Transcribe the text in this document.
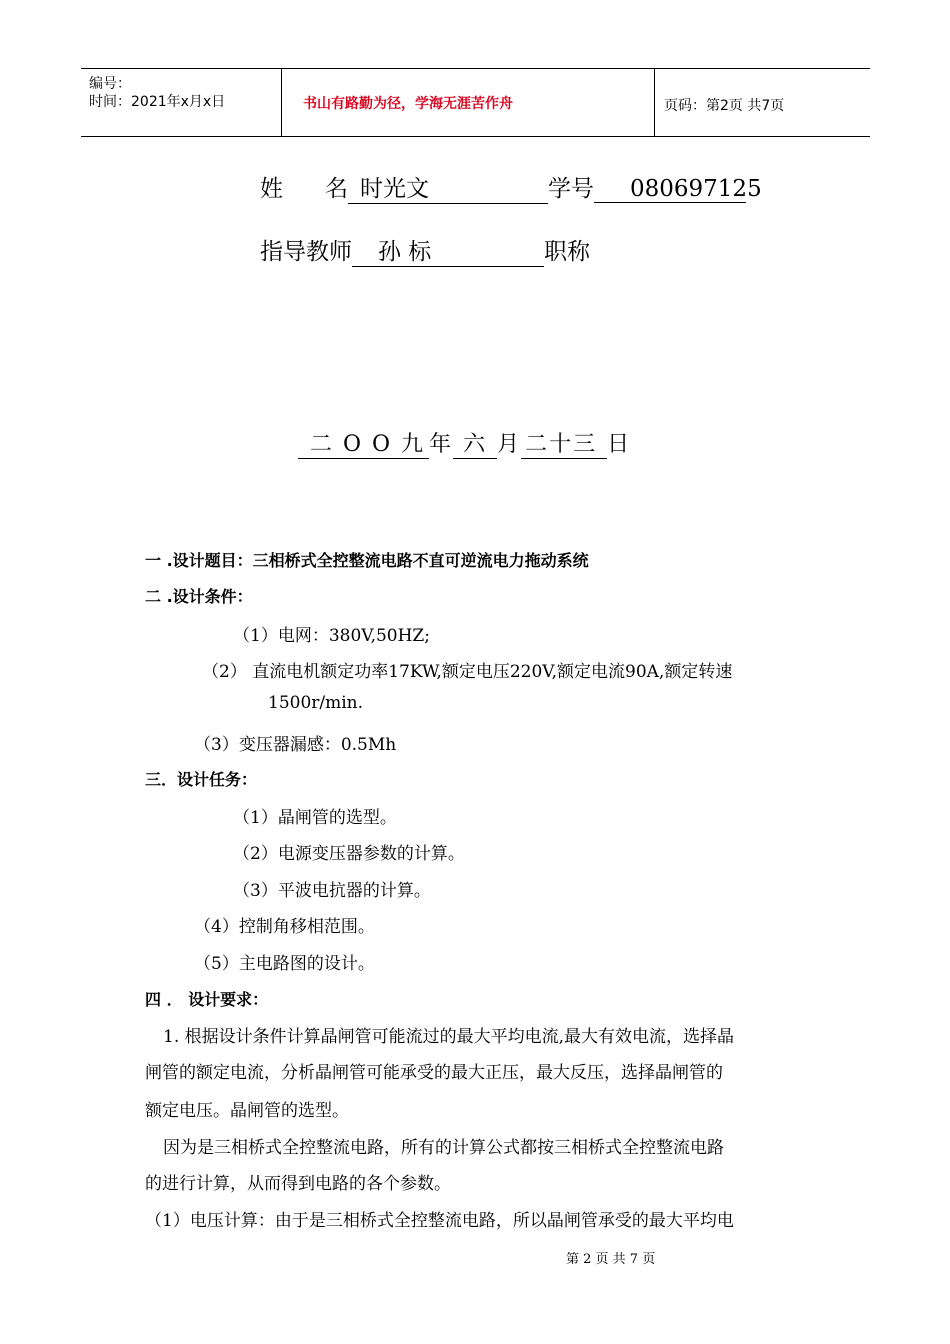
编号：
时间：2021年x月x日	书山有路勤为径，学海无涯苦作舟	页码：第2页 共7页
姓 名 时光文	学号 080697125
指导教师 孙 标	职称
二 O O 九 年 六 月 二十三 日
一 .设计题目：三相桥式全控整流电路不直可逆流电力拖动系统
二 .设计条件：
（1）电网：380V,50HZ;
（2） 直流电机额定功率17KW,额定电压220V,额定电流90A,额定转速
1500r/min.
（3）变压器漏感：0.5Mh
三．设计任务：
（1）晶闸管的选型。
（2）电源变压器参数的计算。
（3）平波电抗器的计算。
（4）控制角移相范围。
（5）主电路图的设计。
四 ． 设计要求：
1. 根据设计条件计算晶闸管可能流过的最大平均电流,最大有效电流，选择晶
闸管的额定电流，分析晶闸管可能承受的最大正压，最大反压，选择晶闸管的
额定电压。晶闸管的选型。
因为是三相桥式全控整流电路，所有的计算公式都按三相桥式全控整流电路
的进行计算，从而得到电路的各个参数。
（1）电压计算：由于是三相桥式全控整流电路，所以晶闸管承受的最大平均电
第 2 页 共 7 页
